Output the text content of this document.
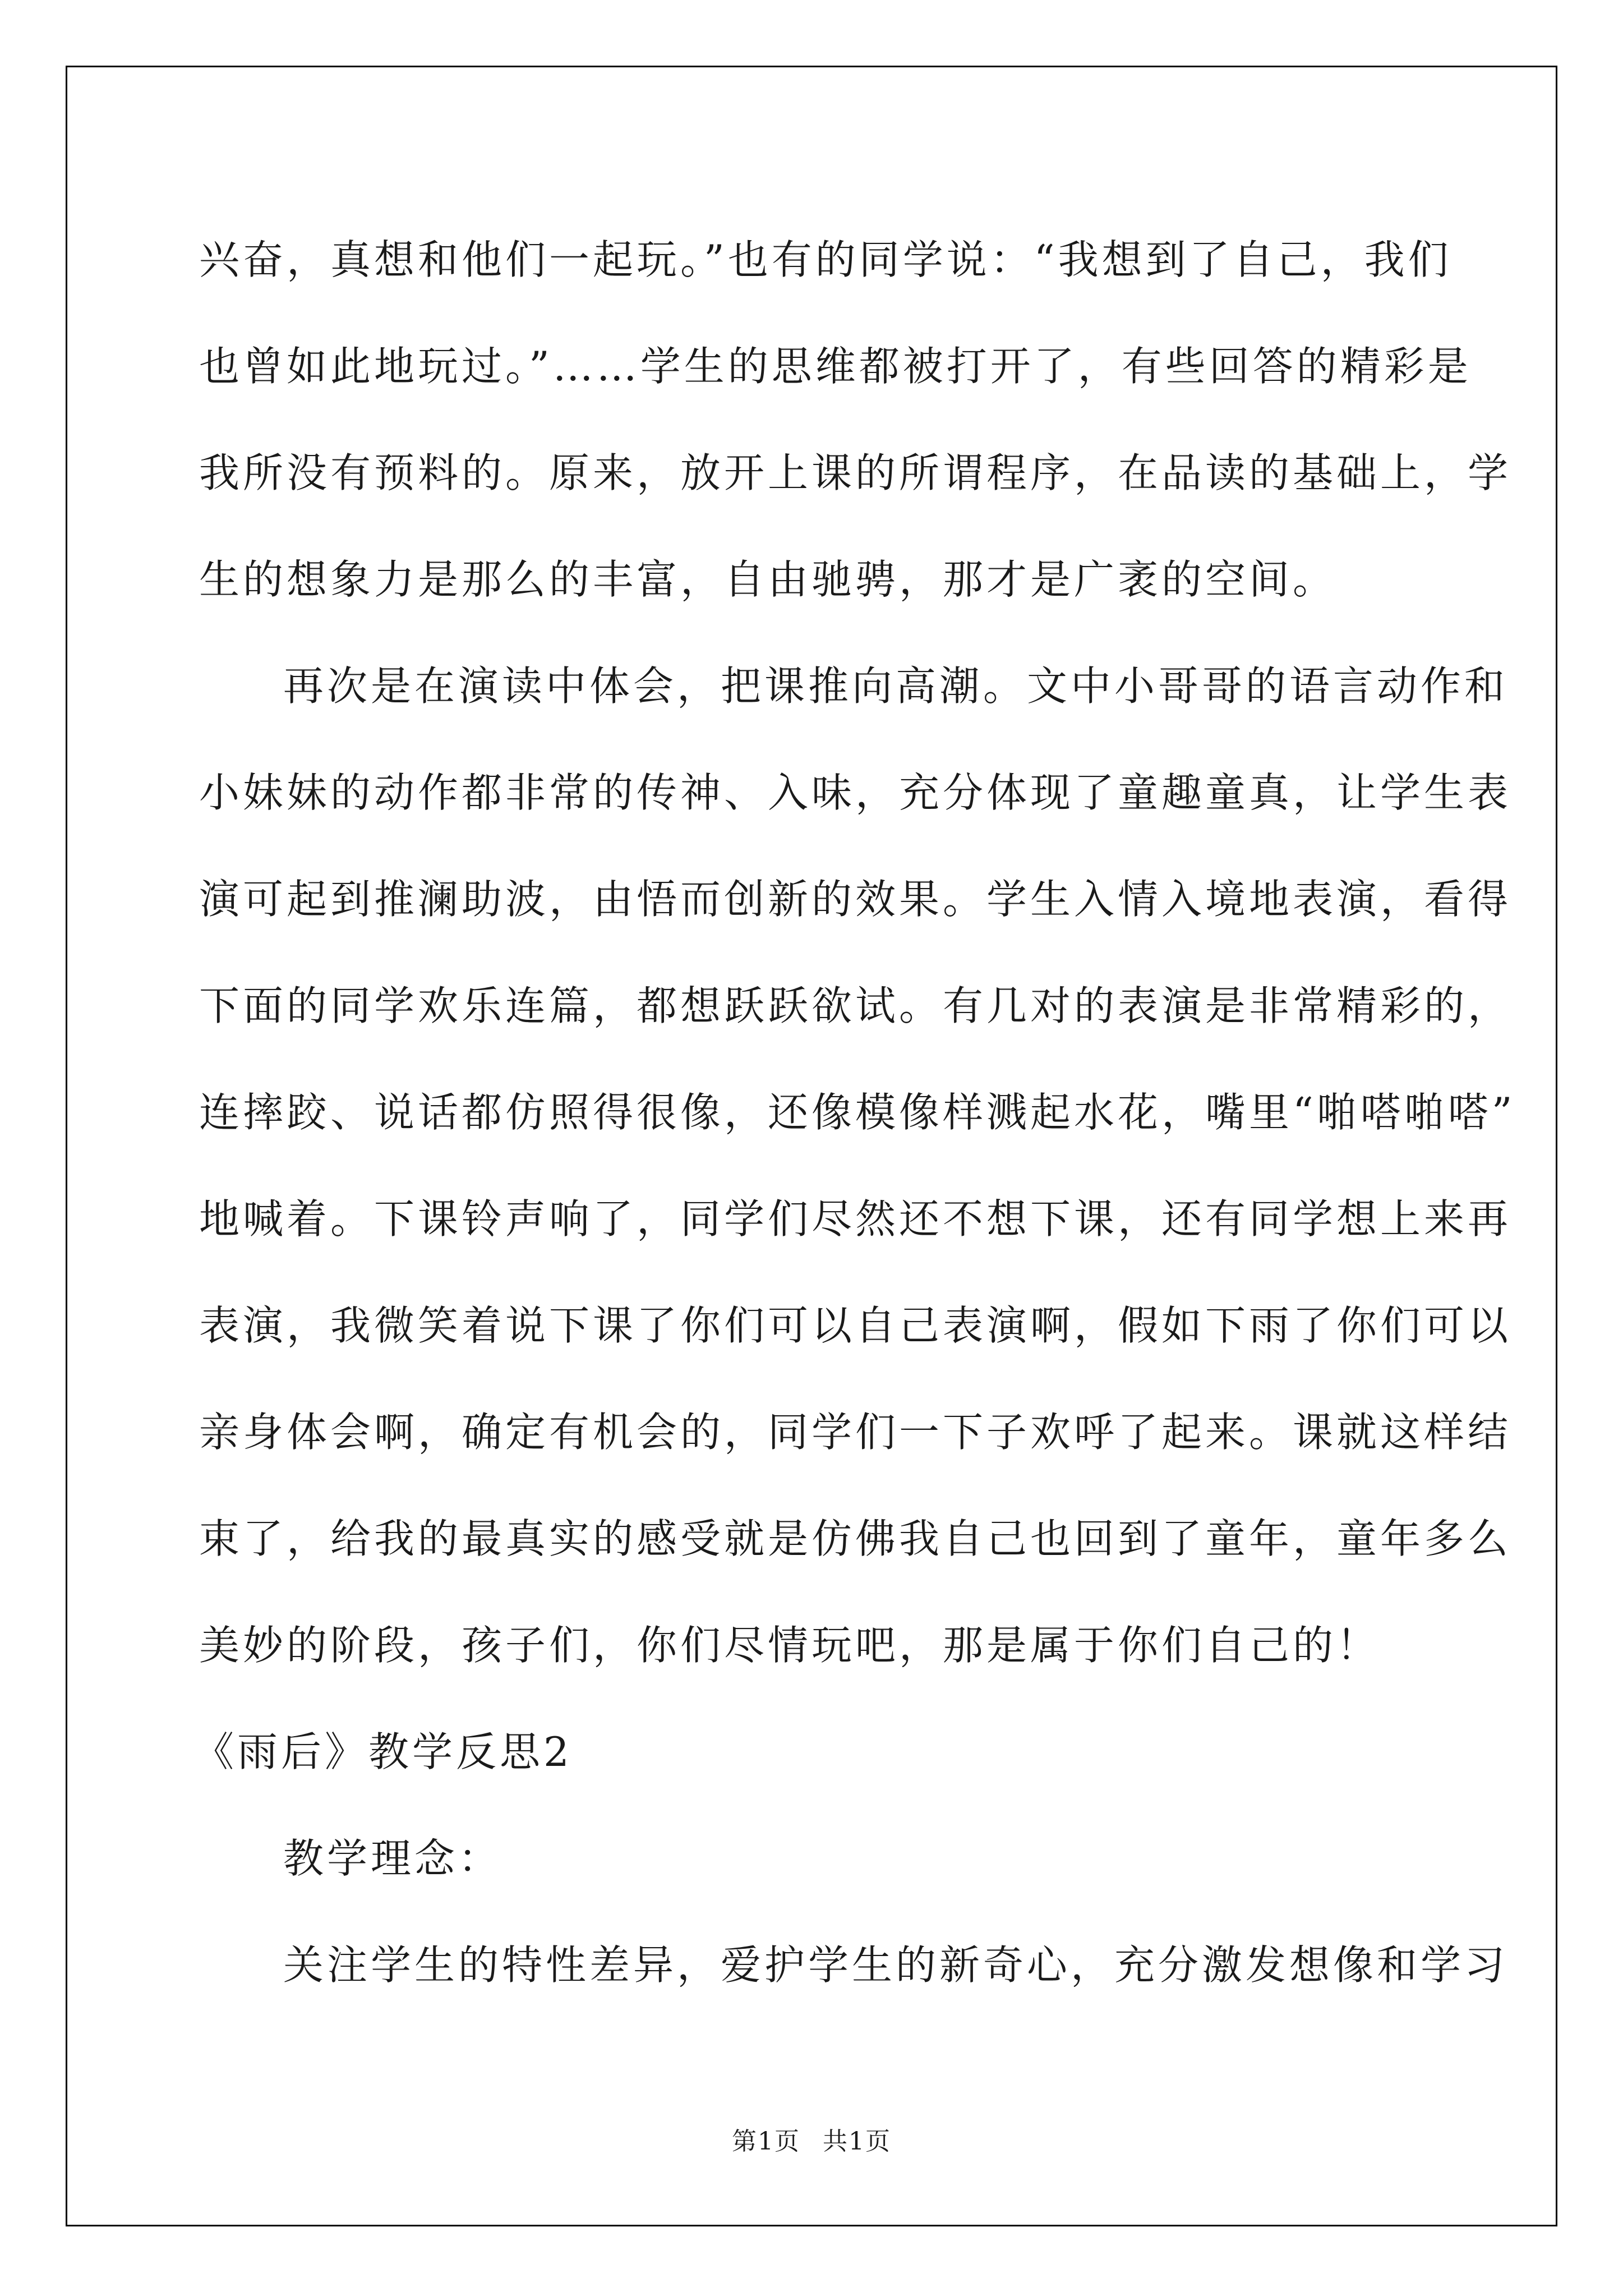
兴奋，真想和他们一起玩。”也有的同学说：“我想到了自己，我们
也曾如此地玩过。”……学生的思维都被打开了，有些回答的精彩是
我所没有预料的。原来，放开上课的所谓程序，在品读的基础上，学
生的想象力是那么的丰富，自由驰骋，那才是广袤的空间。
再次是在演读中体会，把课推向高潮。文中小哥哥的语言动作和
小妹妹的动作都非常的传神、入味，充分体现了童趣童真，让学生表
演可起到推澜助波，由悟而创新的效果。学生入情入境地表演，看得
下面的同学欢乐连篇，都想跃跃欲试。有几对的表演是非常精彩的，
连摔跤、说话都仿照得很像，还像模像样溅起水花，嘴里“啪嗒啪嗒”
地喊着。下课铃声响了，同学们尽然还不想下课，还有同学想上来再
表演，我微笑着说下课了你们可以自己表演啊，假如下雨了你们可以
亲身体会啊，确定有机会的，同学们一下子欢呼了起来。课就这样结
束了，给我的最真实的感受就是仿佛我自己也回到了童年，童年多么
美妙的阶段，孩子们，你们尽情玩吧，那是属于你们自己的！
《雨后》教学反思2
教学理念：
关注学生的特性差异，爱护学生的新奇心，充分激发想像和学习
第1页 共1页
